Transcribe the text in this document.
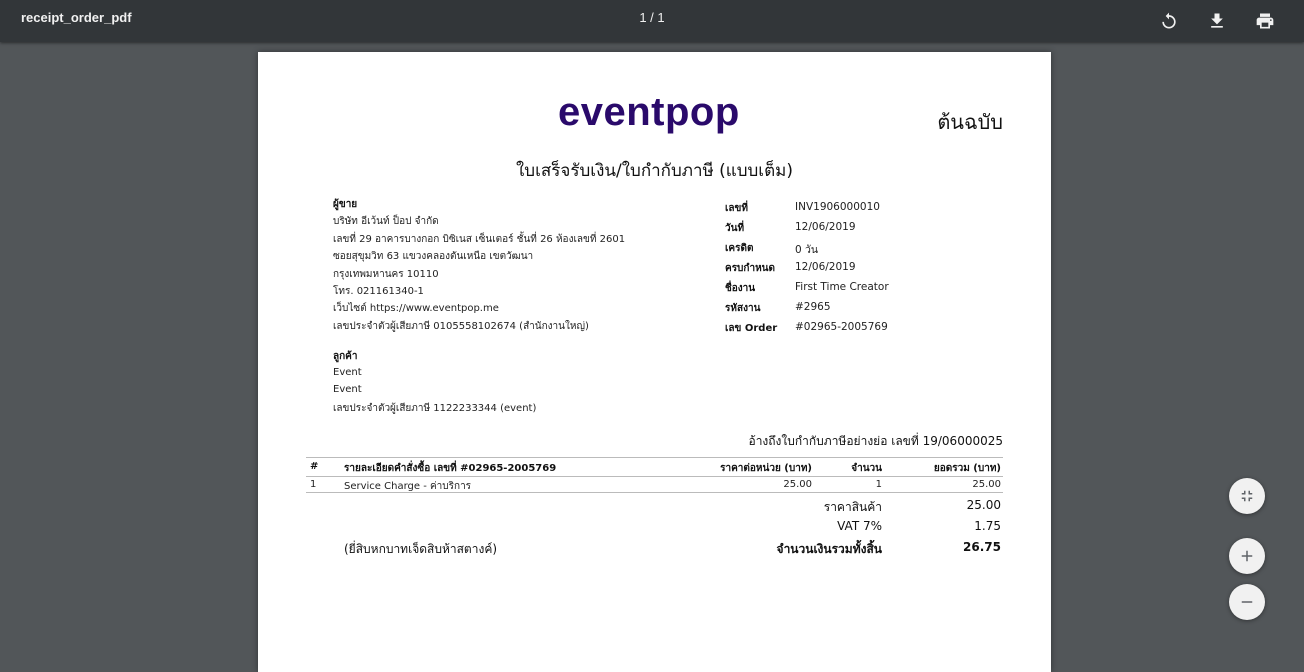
receipt_order_pdf	1 / 1
eventpop	ต้นฉบับ
ใบเสร็จรับเงิน/ใบกำกับภาษี (แบบเต็ม)
ผู้ขาย
บริษัท อีเว้นท์ ป็อป จำกัด
เลขที่ 29 อาคารบางกอก บิซิเนส เซ็นเตอร์ ชั้นที่ 26 ห้องเลขที่ 2601
ซอยสุขุมวิท 63 แขวงคลองตันเหนือ เขตวัฒนา
กรุงเทพมหานคร 10110
โทร. 021161340-1
เว็บไซต์ https://www.eventpop.me
เลขประจำตัวผู้เสียภาษี 0105558102674 (สำนักงานใหญ่)
ลูกค้า
Event
Event
เลขประจำตัวผู้เสียภาษี 1122233344 (event)
เลขที่	INV1906000010
วันที่	12/06/2019
เครดิต	0 วัน
ครบกำหนด 12/06/2019
ชื่องาน	First Time Creator
รหัสงาน	#2965
เลข Order #02965-2005769
อ้างถึงใบกำกับภาษีอย่างย่อ เลขที่ 19/06000025
#	รายละเอียดคำสั่งซื้อ เลขที่ #02965-2005769	ราคาต่อหน่วย (บาท)	จำนวน	ยอดรวม (บาท)
1	Service Charge - ค่าบริการ	25.00	1	25.00
ราคาสินค้า	25.00
VAT 7%	1.75
(ยี่สิบหกบาทเจ็ดสิบห้าสตางค์)	จำนวนเงินรวมทั้งสิ้น	26.75
